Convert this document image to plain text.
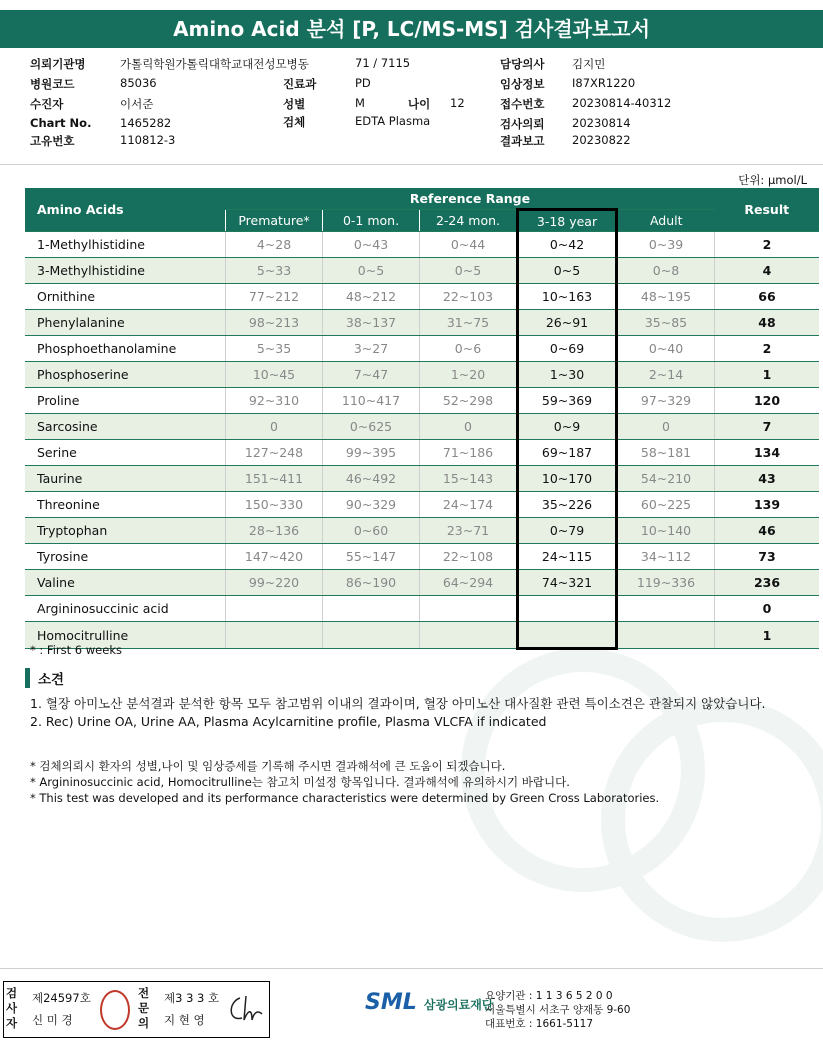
Amino Acid 분석 [P, LC/MS-MS] 검사결과보고서
의뢰기관명	가톨릭학원가톨릭대학교대전성모병동	71 / 7115	담당의사 김지민
병원코드	85036	진료과	PD	임상정보 I87XR1220
수진자	이서준	성별	M	나이 12	접수번호 20230814-40312
Chart No. 1465282	검체	EDTA Plasma	검사의뢰 20230814
고유번호	110812-3	결과보고 20230822
단위: μmol/L
Amino Acids	Reference Range					Result
	Premature*	0-1 mon.	2-24 mon.	3-18 year	Adult	
1-Methylhistidine	4~28	0~43	0~44	0~42	0~39	2
3-Methylhistidine	5~33	0~5	0~5	0~5	0~8	4
Ornithine	77~212	48~212	22~103	10~163	48~195	66
Phenylalanine	98~213	38~137	31~75	26~91	35~85	48
Phosphoethanolamine	5~35	3~27	0~6	0~69	0~40	2
Phosphoserine	10~45	7~47	1~20	1~30	2~14	1
Proline	92~310	110~417	52~298	59~369	97~329	120
Sarcosine	0	0~625	0	0~9	0	7
Serine	127~248	99~395	71~186	69~187	58~181	134
Taurine	151~411	46~492	15~143	10~170	54~210	43
Threonine	150~330	90~329	24~174	35~226	60~225	139
Tryptophan	28~136	0~60	23~71	0~79	10~140	46
Tyrosine	147~420	55~147	22~108	24~115	34~112	73
Valine	99~220	86~190	64~294	74~321	119~336	236
Argininosuccinic acid						0
Homocitrulline						1
* : First 6 weeks
소견
1. 혈장 아미노산 분석결과 분석한 항목 모두 참고범위 이내의 결과이며, 혈장 아미노산 대사질환 관련 특이소견은 관찰되지 않았습니다.
2. Rec) Urine OA, Urine AA, Plasma Acylcarnitine profile, Plasma VLCFA if indicated
* 검체의뢰시 환자의 성별,나이 및 임상증세를 기록해 주시면 결과해석에 큰 도움이 되겠습니다.
* Argininosuccinic acid, Homocitrulline는 참고치 미설정 항목입니다. 결과해석에 유의하시기 바랍니다.
* This test was developed and its performance characteristics were determined by Green Cross Laboratories.
검사자
제24597호
신 미 경
전문의
제3 3 3 호
지 현 영
SML 삼광의료재단
요양기관 : 1 1 3 6 5 2 0 0
서울특별시 서초구 양재동 9-60
대표번호 : 1661-5117
